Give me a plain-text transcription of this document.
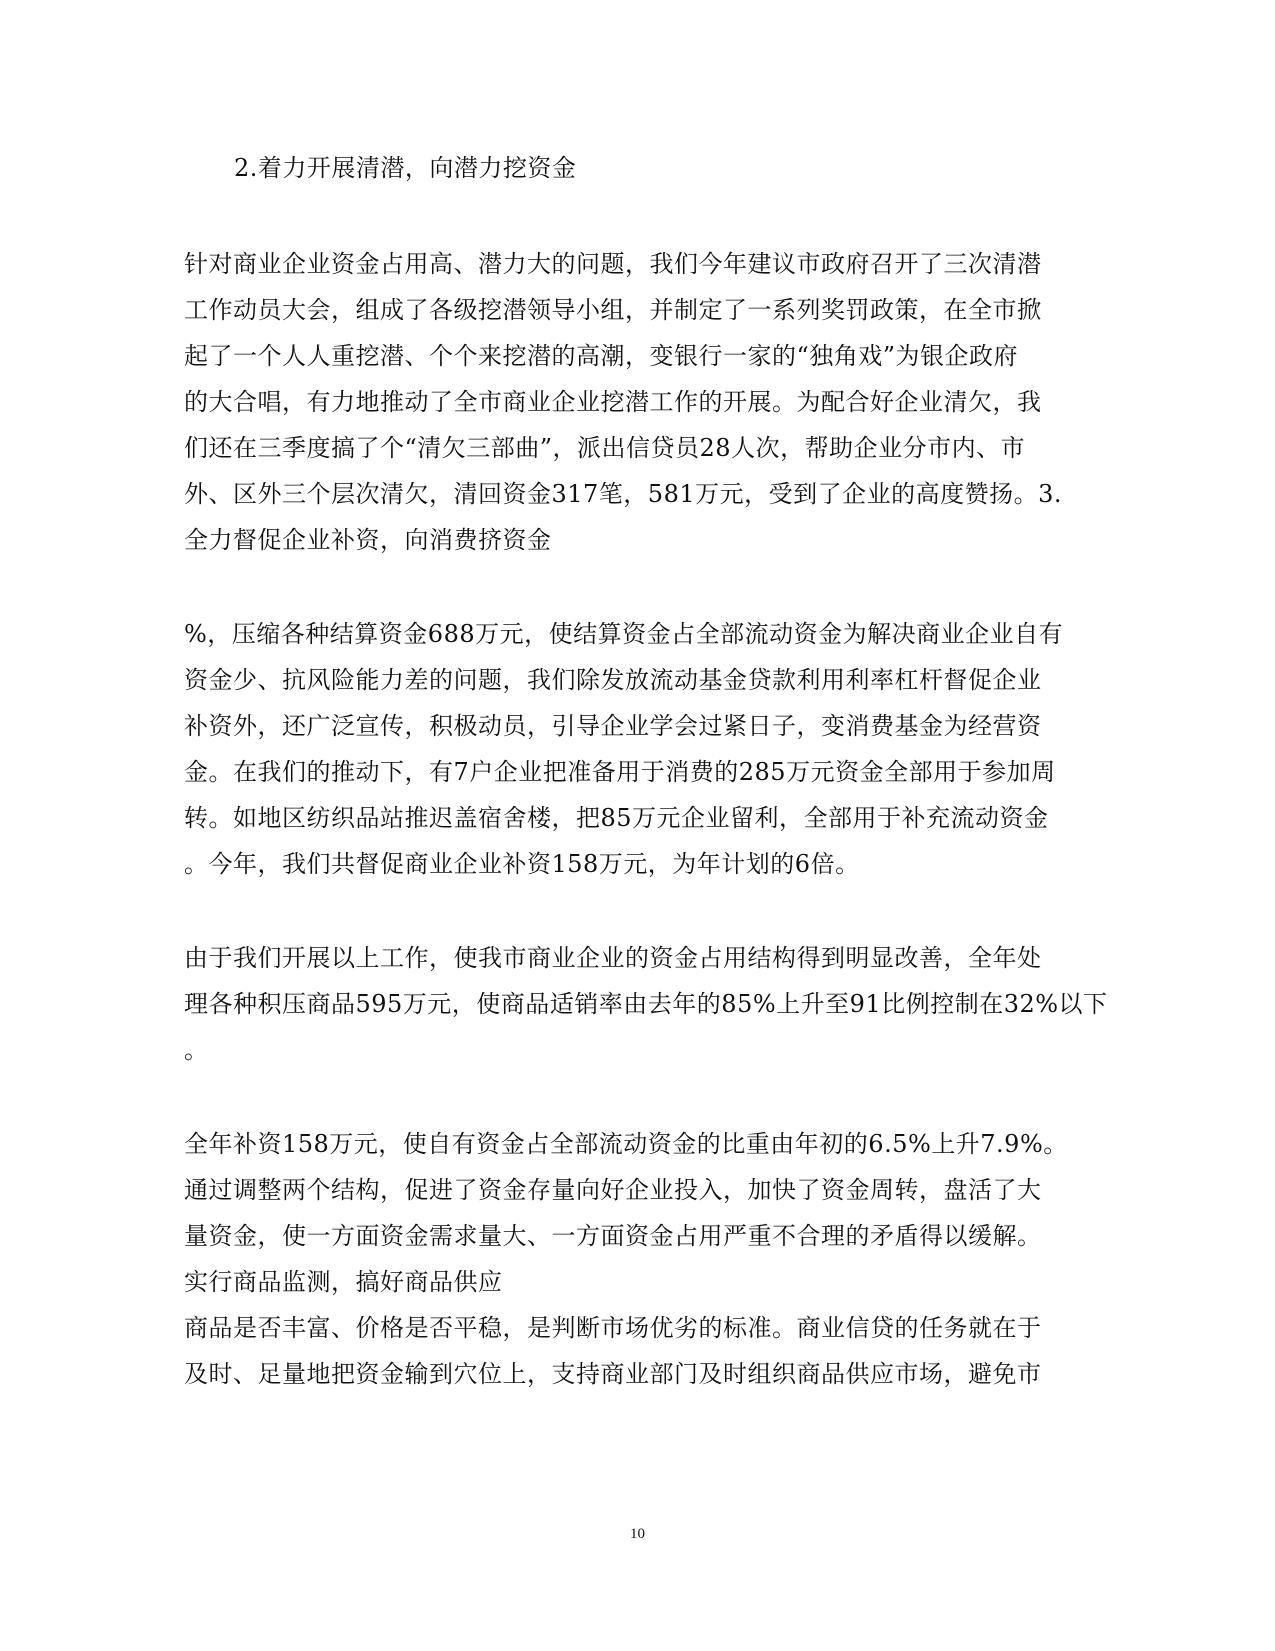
2.着力开展清潜，向潜力挖资金
针对商业企业资金占用高、潜力大的问题，我们今年建议市政府召开了三次清潜
工作动员大会，组成了各级挖潜领导小组，并制定了一系列奖罚政策，在全市掀
起了一个人人重挖潜、个个来挖潜的高潮，变银行一家的“独角戏”为银企政府
的大合唱，有力地推动了全市商业企业挖潜工作的开展。为配合好企业清欠，我
们还在三季度搞了个“清欠三部曲”，派出信贷员28人次，帮助企业分市内、市
外、区外三个层次清欠，清回资金317笔，581万元，受到了企业的高度赞扬。3.
全力督促企业补资，向消费挤资金
%，压缩各种结算资金688万元，使结算资金占全部流动资金为解决商业企业自有
资金少、抗风险能力差的问题，我们除发放流动基金贷款利用利率杠杆督促企业
补资外，还广泛宣传，积极动员，引导企业学会过紧日子，变消费基金为经营资
金。在我们的推动下，有7户企业把准备用于消费的285万元资金全部用于参加周
转。如地区纺织品站推迟盖宿舍楼，把85万元企业留利，全部用于补充流动资金
。今年，我们共督促商业企业补资158万元，为年计划的6倍。
由于我们开展以上工作，使我市商业企业的资金占用结构得到明显改善，全年处
理各种积压商品595万元，使商品适销率由去年的85%上升至91比例控制在32%以下
。
全年补资158万元，使自有资金占全部流动资金的比重由年初的6.5%上升7.9%。
通过调整两个结构，促进了资金存量向好企业投入，加快了资金周转，盘活了大
量资金，使一方面资金需求量大、一方面资金占用严重不合理的矛盾得以缓解。
实行商品监测，搞好商品供应
商品是否丰富、价格是否平稳，是判断市场优劣的标准。商业信贷的任务就在于
及时、足量地把资金输到穴位上，支持商业部门及时组织商品供应市场，避免市
10
